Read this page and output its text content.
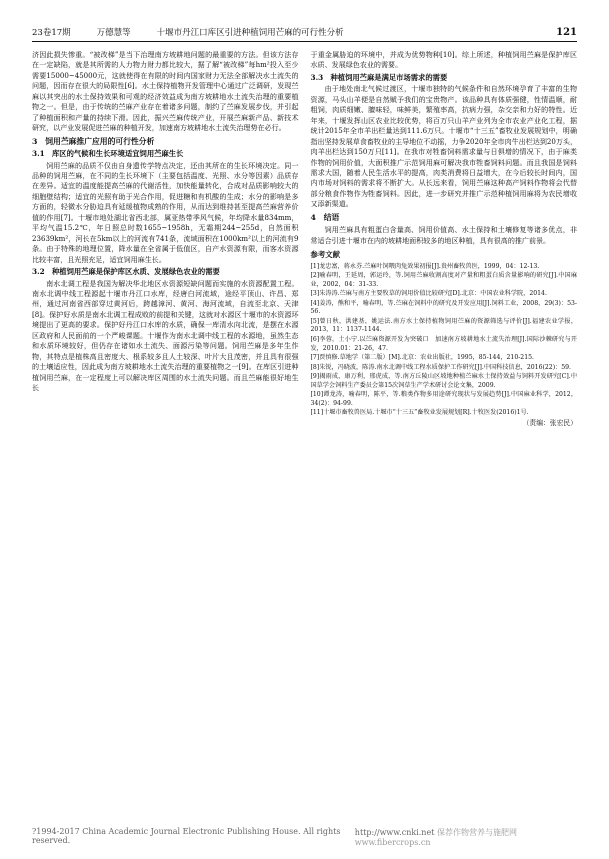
23卷17期	万德慧等	十堰市丹江口库区引进种植饲用芒麻的可行性分析	121

济因此损失惨重。“被改梯”是当下治理南方坡耕地问题的最重要的方法。但该方法存在一定缺陷，就是其所需的人力物力财力都比较大，据了解“被改梯”每hm²投入至少需要15000~45000元，这就使得在有限的时间内国家财力无法全部解决水土流失的问题，因而存在很大的局限性[6]。水土保持植物开发管理中心通过广泛调研，发现苎麻以其突出的水土保持效果和可观的经济效益成为南方坡耕地水土流失治理的重要植物之一。但是，由于传统的苎麻产业存在着诸多问题，制约了苎麻发展步伐，并引起了种植面积和产量的持续下滑。因此，振兴苎麻传统产业，开展苎麻新产品、新技术研究，以产业发展促进苎麻的种植开发，加速南方坡耕地水土流失治理势在必行。

3　饲用苎麻推广应用的可行性分析
3.1　库区的气候和生长环境适宜饲用苎麻生长

饲用苎麻的品质不仅由自身遗传学特点决定，还由其所在的生长环境决定。同一品种的饲用苎麻，在不同的生长环境下（主要包括温度、光照、水分等因素）品质存在差异。适宜的温度能提高苎麻的代谢活性，加快能量转化，合成对品质影响较大的细胞壁结构；适宜的光照有助于光合作用，促进糖和有机酸的生成；水分的影响是多方面的，轻微水分胁迫具有延缓植物成熟的作用，从而达到维持甚至提高苎麻营养价值的作用[7]。十堰市地处湖北省西北部，属亚热带季风气候，年均降水量834mm，平均气温15.2℃，年日照总时数1655~1958h，无霜期244~255d，自然面积23639km²，河长在5km以上的河流有741条，流域面积在1000km²以上的河流有9条。由于特殊的地理位置，降水量在全省属于低值区，自产水资源有限，而客水资源比较丰富，且光照充足，适宜饲用麻生长。

3.2　种植饲用苎麻是保护库区水质、发展绿色农业的需要

南水北调工程是我国为解决华北地区水资源短缺问题而实施的水资源配置工程。南水北调中线工程源起十堰市丹江口水库，经唐白河流域，途经平顶山、许昌、郑州，通过河南省西部穿过黄河后，跨越漳河、黄河、海河流域，自流至北京、天津[8]。保护好水质是南水北调工程成败的前提和关键，这就对水源区十堰市的水资源环境提出了更高的要求。保护好丹江口水库的水质，确保一库清水向北流，是摆在水源区政府和人民面前的一个严峻课题。十堰作为南水北调中线工程的水源地，虽然生态和水质环境较好，但仍存在诸如水土流失、面源污染等问题。饲用苎麻是多年生作物，其特点是植株高且密度大、根系较多且人土较深、叶片大且茂密，并且具有很强的土壤适应性，因此成为南方坡耕地水土流失治理的重要植物之一[9]。在库区引进种植饲用苎麻，在一定程度上可以解决库区周围的水土流失问题。而且苎麻能很好地生长

于重金属胁迫的环境中，并成为优势物种[10]。综上所述，种植饲用苎麻是保护库区水质、发展绿色农业的需要。

3.3　种植饲用苎麻是满足市场需求的需要

由于地处南北气候过渡区，十堰市独特的气候条件和自然环境孕育了丰富的生物资源，马头山羊便是自然赋予我们的宝贵物产。该品种具有体质强健，性情温顺，耐粗饲，肉质细嫩、膻味轻，味鲜美，繁殖率高，抗病力强，杂交亲和力好的特性。近年来，十堰发挥山区农业比较优势，将百万只山羊产业列为全市农业产业化工程，据统计2015年全市羊出栏量达到111.6万只。十堰市“十三五”畜牧业发展规划中，明确指出坚持发展草食畜牧业的主导地位不动摇，力争2020年全市肉牛出栏达到20万头，肉羊出栏达到150万只[11]。在我市对牲畜饲料需求量与日俱增的情况下，由于麻类作物的饲用价值，大面积推广示范饲用麻可解决我市牲畜饲料问题。而且我国是饲料需求大国，随着人民生活水平的提高，肉类消费将日益增大，在今后较长时间内，国内市场对饲料的需求将不断扩大。从长远来看，饲用苎麻这种高产饲料作物将会代替部分粮食作物作为牲畜饲料。因此，进一步研究并推广示范种植饲用麻将为农民增收又添新渠道。

4　结语

饲用苎麻具有粗蛋白含量高、饲用价值高、水土保持和土壤修复等诸多优点，非常适合引进十堰市在内的坡耕地面积较多的地区种植，具有很高的推广前景。

参考文献

[1]龙忠富，蒋永芬.苎麻叶饲喂肉兔效果初报[J].贵州畜牧兽医，1999，04：12-13.

[2]喻春明，王延周，郭运玲，等.饲用苎麻收割高度对产量和粗蛋白质含量影响的研究[J].中国麻业，2002，04：31-33.

[3]朱涛涛.苎麻与南方主要牧草的饲用价值比较研究[D].北京：中国农业科学院，2014.

[4]姜涛，熊和平，喻春明，等.苎麻在饲料中的研究及开发应用[J].饲料工业，2008，29(3)：53-56.

[5]曾日秋，洪建基，姚运法.南方水土保持植物饲用苎麻的资源筛选与评价[J].福建农业学报，2013，11：1137-1144.

[6]李蓉，土小宁.以苎麻资源开发为突破口　加速南方坡耕地水土流失治理[J].国际沙棘研究与开发，2010.01：21-26，47.

[7]贾慎修.草地学（第二版）[M].北京：农业出版社，1995，85-144，210-215.

[8]朱锐，冯晓波，陈涛.南水北调中线工程水质保护工作研究[J].中国科技信息，2016(22)：59.

[9]揭雨成，康万利，邢虎成，等.南方丘陵山区坡地种植苎麻水土保持效益与饲料开发研究[C].中国草学会饲料生产委员会第15次饲草生产学术研讨会论文集，2009.

[10]谭龙涛，喻春明，陈平，等.粮类作物多用途研究现状与发展趋势[J].中国麻业科学，2012，34(2)：94-99.

[11]十堰市畜牧兽医局.十堰市“十三五”畜牧业发展规划[R].十牧医发(2016)1号.

（责编：张宏民）
?1994-2017 China Academic Journal Electronic Publishing House. All rights reserved.
http://www.cnki.net 保荐作物营养与施肥网 www.fibercrops.cn
